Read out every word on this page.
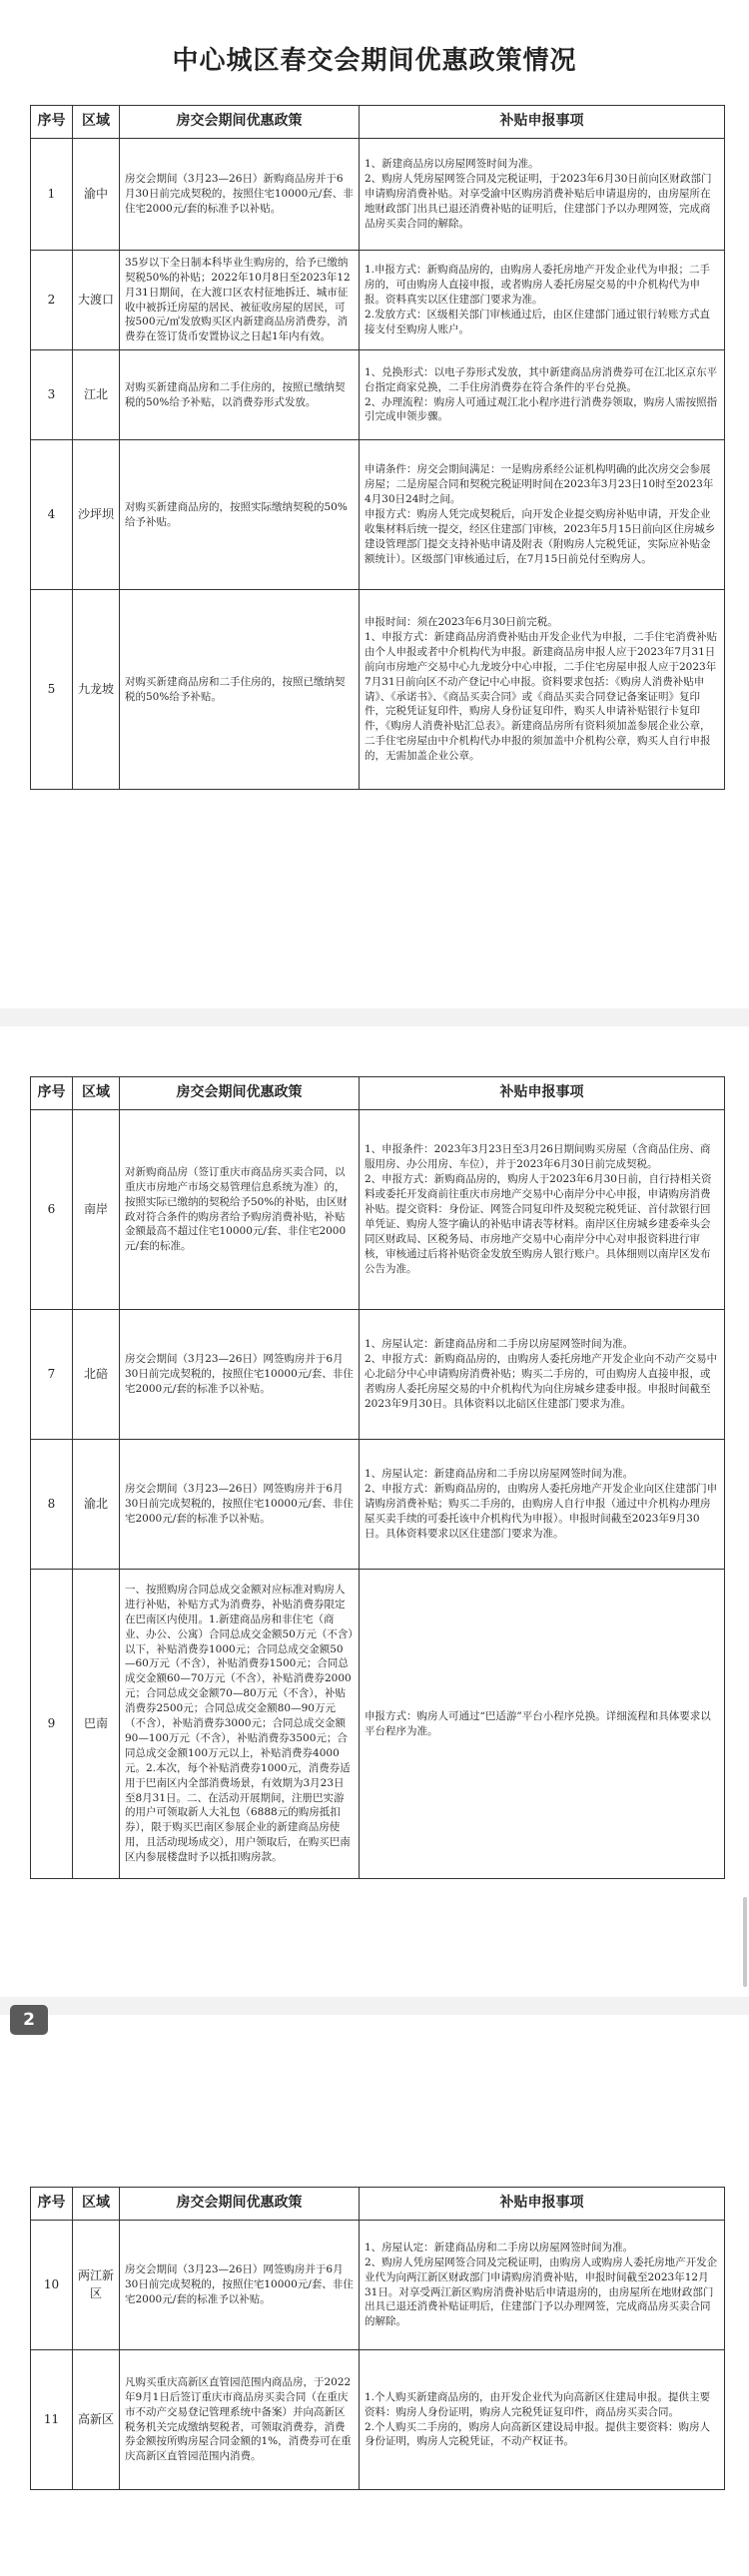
中心城区春交会期间优惠政策情况
序号	区域	房交会期间优惠政策	补贴申报事项
1	渝中	房交会期间（3月23—26日）新购商品房并于6月30日前完成契税的，按照住宅10000元/套、非住宅2000元/套的标准予以补贴。	1、新建商品房以房屋网签时间为准。
2、购房人凭房屋网签合同及完税证明，于2023年6月30日前向区财政部门申请购房消费补贴。对享受渝中区购房消费补贴后申请退房的，由房屋所在地财政部门出具已退还消费补贴的证明后，住建部门予以办理网签，完成商品房买卖合同的解除。
2	大渡口	35岁以下全日制本科毕业生购房的，给予已缴纳契税50%的补贴；2022年10月8日至2023年12月31日期间，在大渡口区农村征地拆迁、城市征收中被拆迁房屋的居民、被征收房屋的居民，可按500元/㎡发放购买区内新建商品房消费券，消费券在签订货币安置协议之日起1年内有效。	1.申报方式：新购商品房的，由购房人委托房地产开发企业代为申报；二手房的，可由购房人直接申报，或者购房人委托房屋交易的中介机构代为申报。资料真实以区住建部门要求为准。
2.发放方式：区级相关部门审核通过后，由区住建部门通过银行转账方式直接支付至购房人账户。
3	江北	对购买新建商品房和二手住房的，按照已缴纳契税的50%给予补贴，以消费券形式发放。	1、兑换形式：以电子券形式发放，其中新建商品房消费券可在江北区京东平台指定商家兑换，二手住房消费券在符合条件的平台兑换。
2、办理流程：购房人可通过观江北小程序进行消费券领取，购房人需按照指引完成申领步骤。
4	沙坪坝	对购买新建商品房的，按照实际缴纳契税的50%给予补贴。	申请条件：房交会期间满足：一是购房系经公证机构明确的此次房交会参展房屋；二是房屋合同和契税完税证明时间在2023年3月23日10时至2023年4月30日24时之间。
申报方式：购房人凭完成契税后，向开发企业提交购房补贴申请，开发企业收集材料后统一提交，经区住建部门审核，2023年5月15日前向区住房城乡建设管理部门提交支持补贴申请及附表（附购房人完税凭证，实际应补贴金额统计）。区级部门审核通过后，在7月15日前兑付至购房人。
5	九龙坡	对购买新建商品房和二手住房的，按照已缴纳契税的50%给予补贴。	申报时间：须在2023年6月30日前完税。
1、申报方式：新建商品房消费补贴由开发企业代为申报，二手住宅消费补贴由个人申报或者中介机构代为申报。新建商品房申报人应于2023年7月31日前向市房地产交易中心九龙坡分中心申报，二手住宅房屋申报人应于2023年7月31日前向区不动产登记中心申报。资料要求包括：《购房人消费补贴申请》、《承诺书》、《商品买卖合同》或《商品买卖合同登记备案证明》复印件，完税凭证复印件，购房人身份证复印件，购买人申请补贴银行卡复印件，《购房人消费补贴汇总表》。新建商品房所有资料须加盖参展企业公章，二手住宅房屋由中介机构代办申报的须加盖中介机构公章，购买人自行申报的，无需加盖企业公章。
序号	区域	房交会期间优惠政策	补贴申报事项
6	南岸	对新购商品房（签订重庆市商品房买卖合同，以重庆市房地产市场交易管理信息系统为准）的，按照实际已缴纳的契税给予50%的补贴，由区财政对符合条件的购房者给予购房消费补贴，补贴金额最高不超过住宅10000元/套、非住宅2000元/套的标准。	1、申报条件：2023年3月23日至3月26日期间购买房屋（含商品住房、商服用房、办公用房、车位），并于2023年6月30日前完成契税。
2、申报方式：新购商品房的，购房人于2023年6月30日前，自行持相关资料或委托开发商前往重庆市房地产交易中心南岸分中心申报，申请购房消费补贴。提交资料：身份证、网签合同复印件及契税完税凭证、首付款银行回单凭证、购房人签字确认的补贴申请表等材料。南岸区住房城乡建委牵头会同区财政局、区税务局、市房地产交易中心南岸分中心对申报资料进行审核，审核通过后将补贴资金发放至购房人银行账户。具体细则以南岸区发布公告为准。
7	北碚	房交会期间（3月23—26日）网签购房并于6月30日前完成契税的，按照住宅10000元/套、非住宅2000元/套的标准予以补贴。	1、房屋认定：新建商品房和二手房以房屋网签时间为准。
2、申报方式：新购商品房的，由购房人委托房地产开发企业向不动产交易中心北碚分中心申请购房消费补贴；购买二手房的，可由购房人直接申报，或者购房人委托房屋交易的中介机构代为向住房城乡建委申报。申报时间截至2023年9月30日。具体资料以北碚区住建部门要求为准。
8	渝北	房交会期间（3月23—26日）网签购房并于6月30日前完成契税的，按照住宅10000元/套、非住宅2000元/套的标准予以补贴。	1、房屋认定：新建商品房和二手房以房屋网签时间为准。
2、申报方式：新购商品房的，由购房人委托房地产开发企业向区住建部门申请购房消费补贴；购买二手房的，由购房人自行申报（通过中介机构办理房屋买卖手续的可委托该中介机构代为申报）。申报时间截至2023年9月30日。具体资料要求以区住建部门要求为准。
9	巴南	一、按照购房合同总成交金额对应标准对购房人进行补贴，补贴方式为消费券，补贴消费券限定在巴南区内使用。1.新建商品房和非住宅（商业、办公、公寓）合同总成交金额50万元（不含）以下，补贴消费券1000元；合同总成交金额50—60万元（不含），补贴消费券1500元；合同总成交金额60—70万元（不含），补贴消费券2000元；合同总成交金额70—80万元（不含），补贴消费券2500元；合同总成交金额80—90万元（不含），补贴消费券3000元；合同总成交金额90—100万元（不含），补贴消费券3500元；合同总成交金额100万元以上，补贴消费券4000元。2.本次，每个补贴消费券1000元，消费券适用于巴南区内全部消费场景，有效期为3月23日至8月31日。二、在活动开展期间，注册巴实游的用户可领取新人大礼包（6888元的购房抵扣券），限于购买巴南区参展企业的新建商品房使用，且活动现场成交），用户领取后，在购买巴南区内参展楼盘时予以抵扣购房款。	申报方式：购房人可通过“巴适游”平台小程序兑换。详细流程和具体要求以平台程序为准。
2
序号	区域	房交会期间优惠政策	补贴申报事项
10	两江新区	房交会期间（3月23—26日）网签购房并于6月30日前完成契税的，按照住宅10000元/套、非住宅2000元/套的标准予以补贴。	1、房屋认定：新建商品房和二手房以房屋网签时间为准。
2、购房人凭房屋网签合同及完税证明，由购房人或购房人委托房地产开发企业代为向两江新区财政部门申请购房消费补贴，申报时间截至2023年12月31日。对享受两江新区购房消费补贴后申请退房的，由房屋所在地财政部门出具已退还消费补贴证明后，住建部门予以办理网签，完成商品房买卖合同的解除。
11	高新区	凡购买重庆高新区直管园范围内商品房，于2022年9月1日后签订重庆市商品房买卖合同（在重庆市不动产交易登记管理系统中备案）并向高新区税务机关完成缴纳契税者，可领取消费券，消费券金额按所购房屋合同金额的1%，消费券可在重庆高新区直管园范围内消费。	1.个人购买新建商品房的，由开发企业代为向高新区住建局申报。提供主要资料：购房人身份证明，购房人完税凭证复印件，商品房买卖合同。
2.个人购买二手房的，购房人向高新区建设局申报。提供主要资料：购房人身份证明，购房人完税凭证，不动产权证书。
